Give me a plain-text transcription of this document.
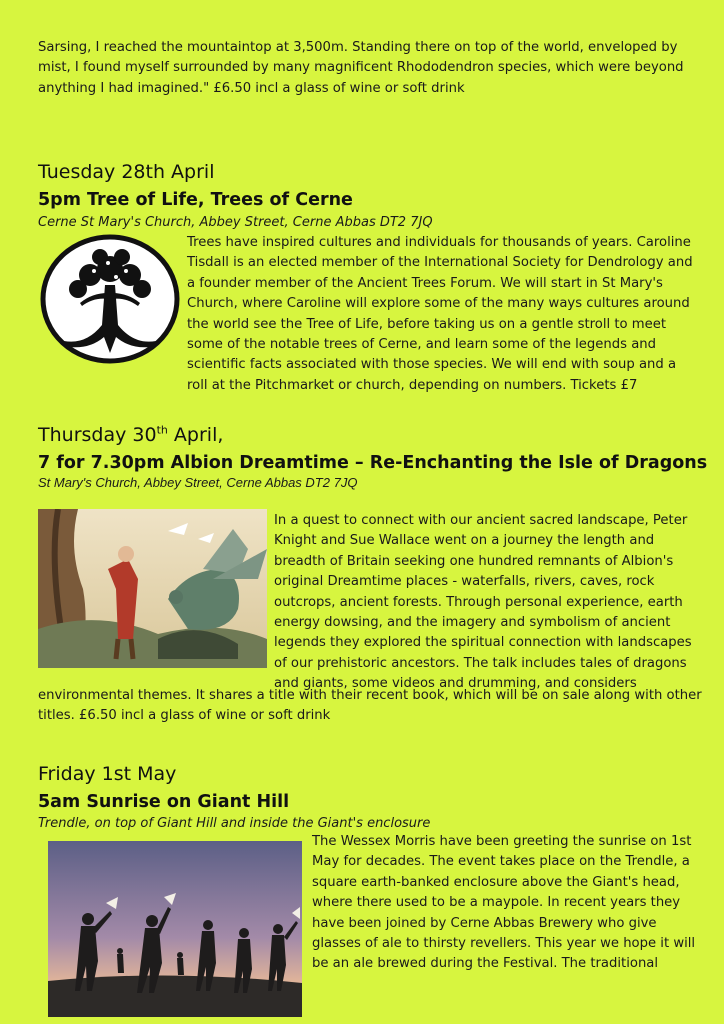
Sarsing, I reached the mountaintop at 3,500m. Standing there on top of the world, enveloped by
mist, I found myself surrounded by many magnificent Rhododendron species, which were beyond
anything I had imagined." £6.50 incl a glass of wine or soft drink
Tuesday 28th April
5pm Tree of Life, Trees of Cerne
Cerne St Mary's Church, Abbey Street, Cerne Abbas DT2 7JQ
Trees have inspired cultures and individuals for thousands of years. Caroline
Tisdall is an elected member of the International Society for Dendrology and
a founder member of the Ancient Trees Forum. We will start in St Mary's
Church, where Caroline will explore some of the many ways cultures around
the world see the Tree of Life, before taking us on a gentle stroll to meet
some of the notable trees of Cerne, and learn some of the legends and
scientific facts associated with those species. We will end with soup and a
roll at the Pitchmarket or church, depending on numbers. Tickets £7
Thursday 30th April,
7 for 7.30pm Albion Dreamtime – Re-Enchanting the Isle of Dragons
St Mary's Church, Abbey Street, Cerne Abbas DT2 7JQ
In a quest to connect with our ancient sacred landscape, Peter
Knight and Sue Wallace went on a journey the length and
breadth of Britain seeking one hundred remnants of Albion's
original Dreamtime places - waterfalls, rivers, caves, rock
outcrops, ancient forests. Through personal experience, earth
energy dowsing, and the imagery and symbolism of ancient
legends they explored the spiritual connection with landscapes
of our prehistoric ancestors. The talk includes tales of dragons
and giants, some videos and drumming, and considers
environmental themes. It shares a title with their recent book, which will be on sale along with other
titles. £6.50 incl a glass of wine or soft drink
Friday 1st May
5am Sunrise on Giant Hill
Trendle, on top of Giant Hill and inside the Giant's enclosure
The Wessex Morris have been greeting the sunrise on 1st
May for decades. The event takes place on the Trendle, a
square earth-banked enclosure above the Giant's head,
where there used to be a maypole. In recent years they
have been joined by Cerne Abbas Brewery who give
glasses of ale to thirsty revellers. This year we hope it will
be an ale brewed during the Festival. The traditional
